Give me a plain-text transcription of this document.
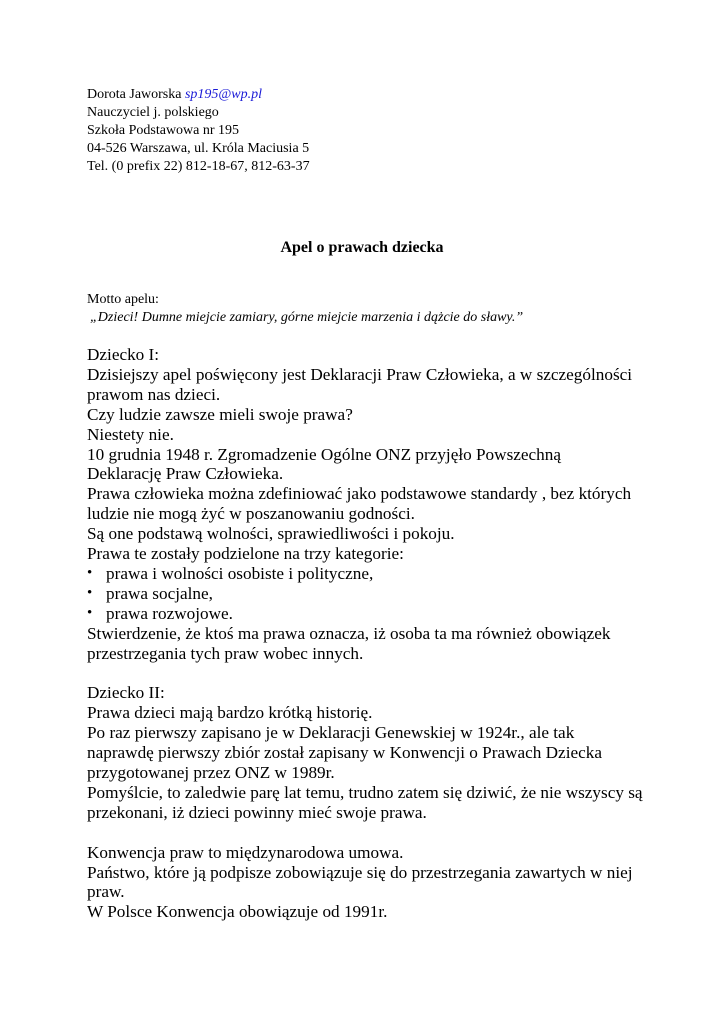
Dorota Jaworska sp195@wp.pl
Nauczyciel j. polskiego
Szkoła Podstawowa nr 195
04-526 Warszawa, ul. Króla Maciusia 5
Tel. (0 prefix 22) 812-18-67, 812-63-37
Apel o prawach dziecka
Motto apelu:
„Dzieci! Dumne miejcie zamiary, górne miejcie marzenia i dążcie do sławy.”

Dziecko I:

Dzisiejszy apel poświęcony jest Deklaracji Praw Człowieka, a w szczególności

prawom nas dzieci.

Czy ludzie zawsze mieli swoje prawa?

Niestety nie.

10 grudnia 1948 r. Zgromadzenie Ogólne ONZ przyjęło Powszechną

Deklarację Praw Człowieka.

Prawa człowieka można zdefiniować jako podstawowe standardy , bez których

ludzie nie mogą żyć w poszanowaniu godności.

Są one podstawą wolności, sprawiedliwości i pokoju.

Prawa te zostały podzielone na trzy kategorie:

• prawa i wolności osobiste i polityczne,
• prawa socjalne,
• prawa rozwojowe.

Stwierdzenie, że ktoś ma prawa oznacza, iż osoba ta ma również obowiązek

przestrzegania tych praw wobec innych.

Dziecko II:

Prawa dzieci mają bardzo krótką historię.

Po raz pierwszy zapisano je w Deklaracji Genewskiej w 1924r., ale tak

naprawdę pierwszy zbiór został zapisany w Konwencji o Prawach Dziecka

przygotowanej przez ONZ w 1989r.

Pomyślcie, to zaledwie parę lat temu, trudno zatem się dziwić, że nie wszyscy są

przekonani, iż dzieci powinny mieć swoje prawa.

Konwencja praw to międzynarodowa umowa.

Państwo, które ją podpisze zobowiązuje się do przestrzegania zawartych w niej

praw.

W Polsce Konwencja obowiązuje od 1991r.
